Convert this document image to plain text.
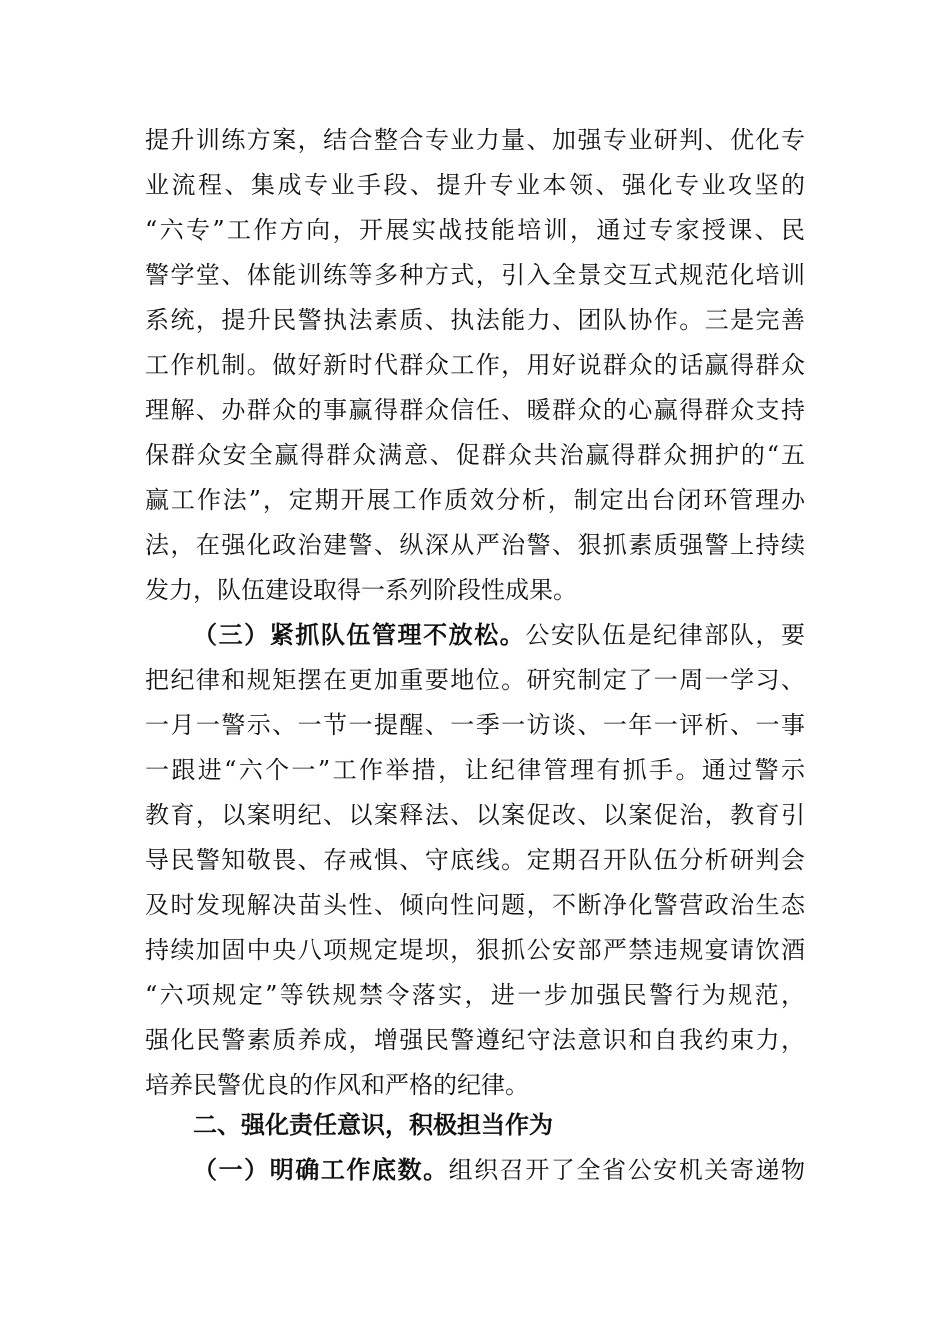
提升训练方案，结合整合专业力量、加强专业研判、优化专
业流程、集成专业手段、提升专业本领、强化专业攻坚的
“六专”工作方向，开展实战技能培训，通过专家授课、民
警学堂、体能训练等多种方式，引入全景交互式规范化培训
系统，提升民警执法素质、执法能力、团队协作。三是完善
工作机制。做好新时代群众工作，用好说群众的话赢得群众
理解、办群众的事赢得群众信任、暖群众的心赢得群众支持
保群众安全赢得群众满意、促群众共治赢得群众拥护的“五
赢工作法”，定期开展工作质效分析，制定出台闭环管理办
法，在强化政治建警、纵深从严治警、狠抓素质强警上持续
发力，队伍建设取得一系列阶段性成果。
（三）紧抓队伍管理不放松。公安队伍是纪律部队，要
把纪律和规矩摆在更加重要地位。研究制定了一周一学习、
一月一警示、一节一提醒、一季一访谈、一年一评析、一事
一跟进“六个一”工作举措，让纪律管理有抓手。通过警示
教育，以案明纪、以案释法、以案促改、以案促治，教育引
导民警知敬畏、存戒惧、守底线。定期召开队伍分析研判会
及时发现解决苗头性、倾向性问题，不断净化警营政治生态
持续加固中央八项规定堤坝，狠抓公安部严禁违规宴请饮酒
“六项规定”等铁规禁令落实，进一步加强民警行为规范，
强化民警素质养成，增强民警遵纪守法意识和自我约束力，
培养民警优良的作风和严格的纪律。
二、强化责任意识，积极担当作为
（一）明确工作底数。组织召开了全省公安机关寄递物
